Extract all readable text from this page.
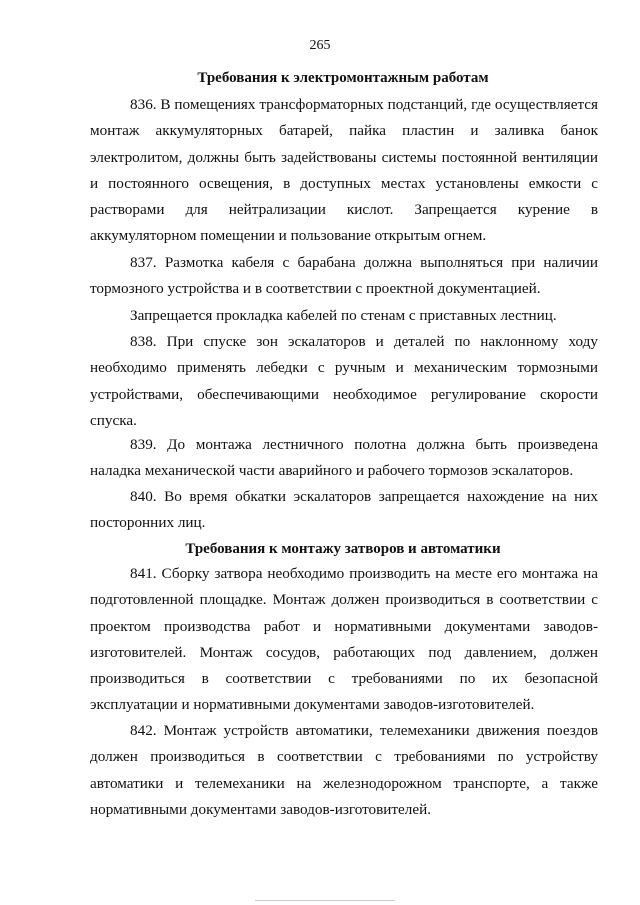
265
Требования к электромонтажным работам

836. В помещениях трансформаторных подстанций, где осуществляется монтаж аккумуляторных батарей, пайка пластин и заливка банок электролитом, должны быть задействованы системы постоянной вентиляции и постоянного освещения, в доступных местах установлены емкости с растворами для нейтрализации кислот. Запрещается курение в аккумуляторном помещении и пользование открытым огнем.

837. Размотка кабеля с барабана должна выполняться при наличии тормозного устройства и в соответствии с проектной документацией.

Запрещается прокладка кабелей по стенам с приставных лестниц.

838. При спуске зон эскалаторов и деталей по наклонному ходу необходимо применять лебедки с ручным и механическим тормозными устройствами, обеспечивающими необходимое регулирование скорости спуска.

839. До монтажа лестничного полотна должна быть произведена наладка механической части аварийного и рабочего тормозов эскалаторов.

840. Во время обкатки эскалаторов запрещается нахождение на них посторонних лиц.

Требования к монтажу затворов и автоматики

841. Сборку затвора необходимо производить на месте его монтажа на подготовленной площадке. Монтаж должен производиться в соответствии с проектом производства работ и нормативными документами заводов-изготовителей. Монтаж сосудов, работающих под давлением, должен производиться в соответствии с требованиями по их безопасной эксплуатации и нормативными документами заводов-изготовителей.

842. Монтаж устройств автоматики, телемеханики движения поездов должен производиться в соответствии с требованиями по устройству автоматики и телемеханики на железнодорожном транспорте, а также нормативными документами заводов-изготовителей.
